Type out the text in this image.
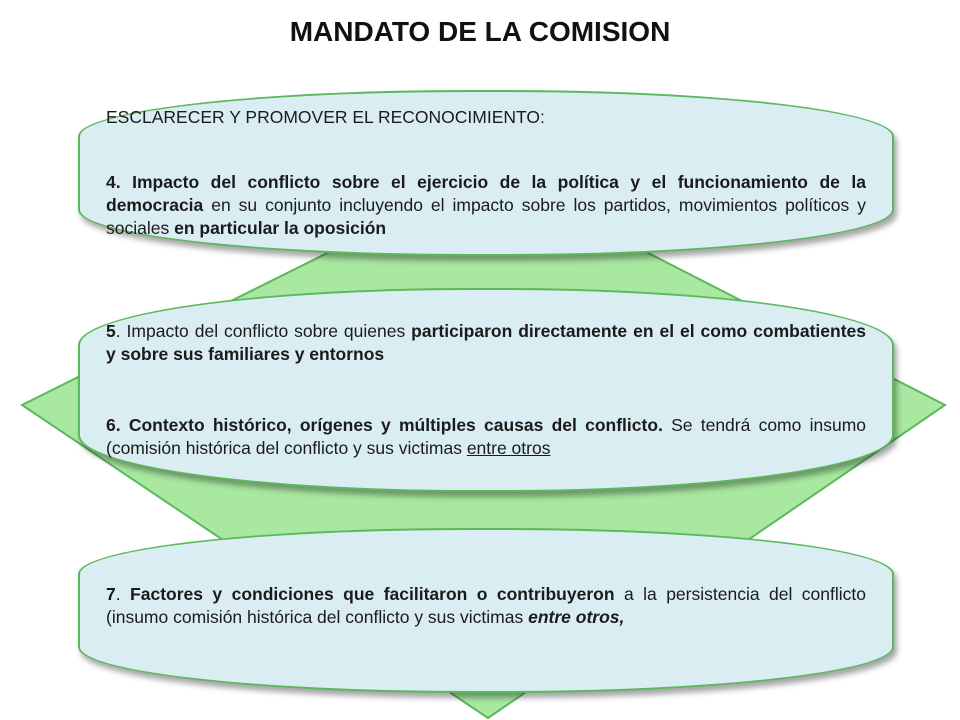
MANDATO DE LA COMISION

ESCLARECER Y PROMOVER EL RECONOCIMIENTO:

4. Impacto del conflicto sobre el ejercicio de la política y el funcionamiento de la democracia en su conjunto incluyendo el impacto sobre los partidos, movimientos políticos y sociales en particular la oposición

5. Impacto del conflicto sobre quienes participaron directamente en el el como combatientes y sobre sus familiares y entornos

6. Contexto histórico, orígenes y múltiples causas del conflicto. Se tendrá como insumo (comisión histórica del conflicto y sus victimas entre otros

7. Factores y condiciones que facilitaron o contribuyeron a la persistencia del conflicto (insumo comisión histórica del conflicto y sus victimas entre otros,
